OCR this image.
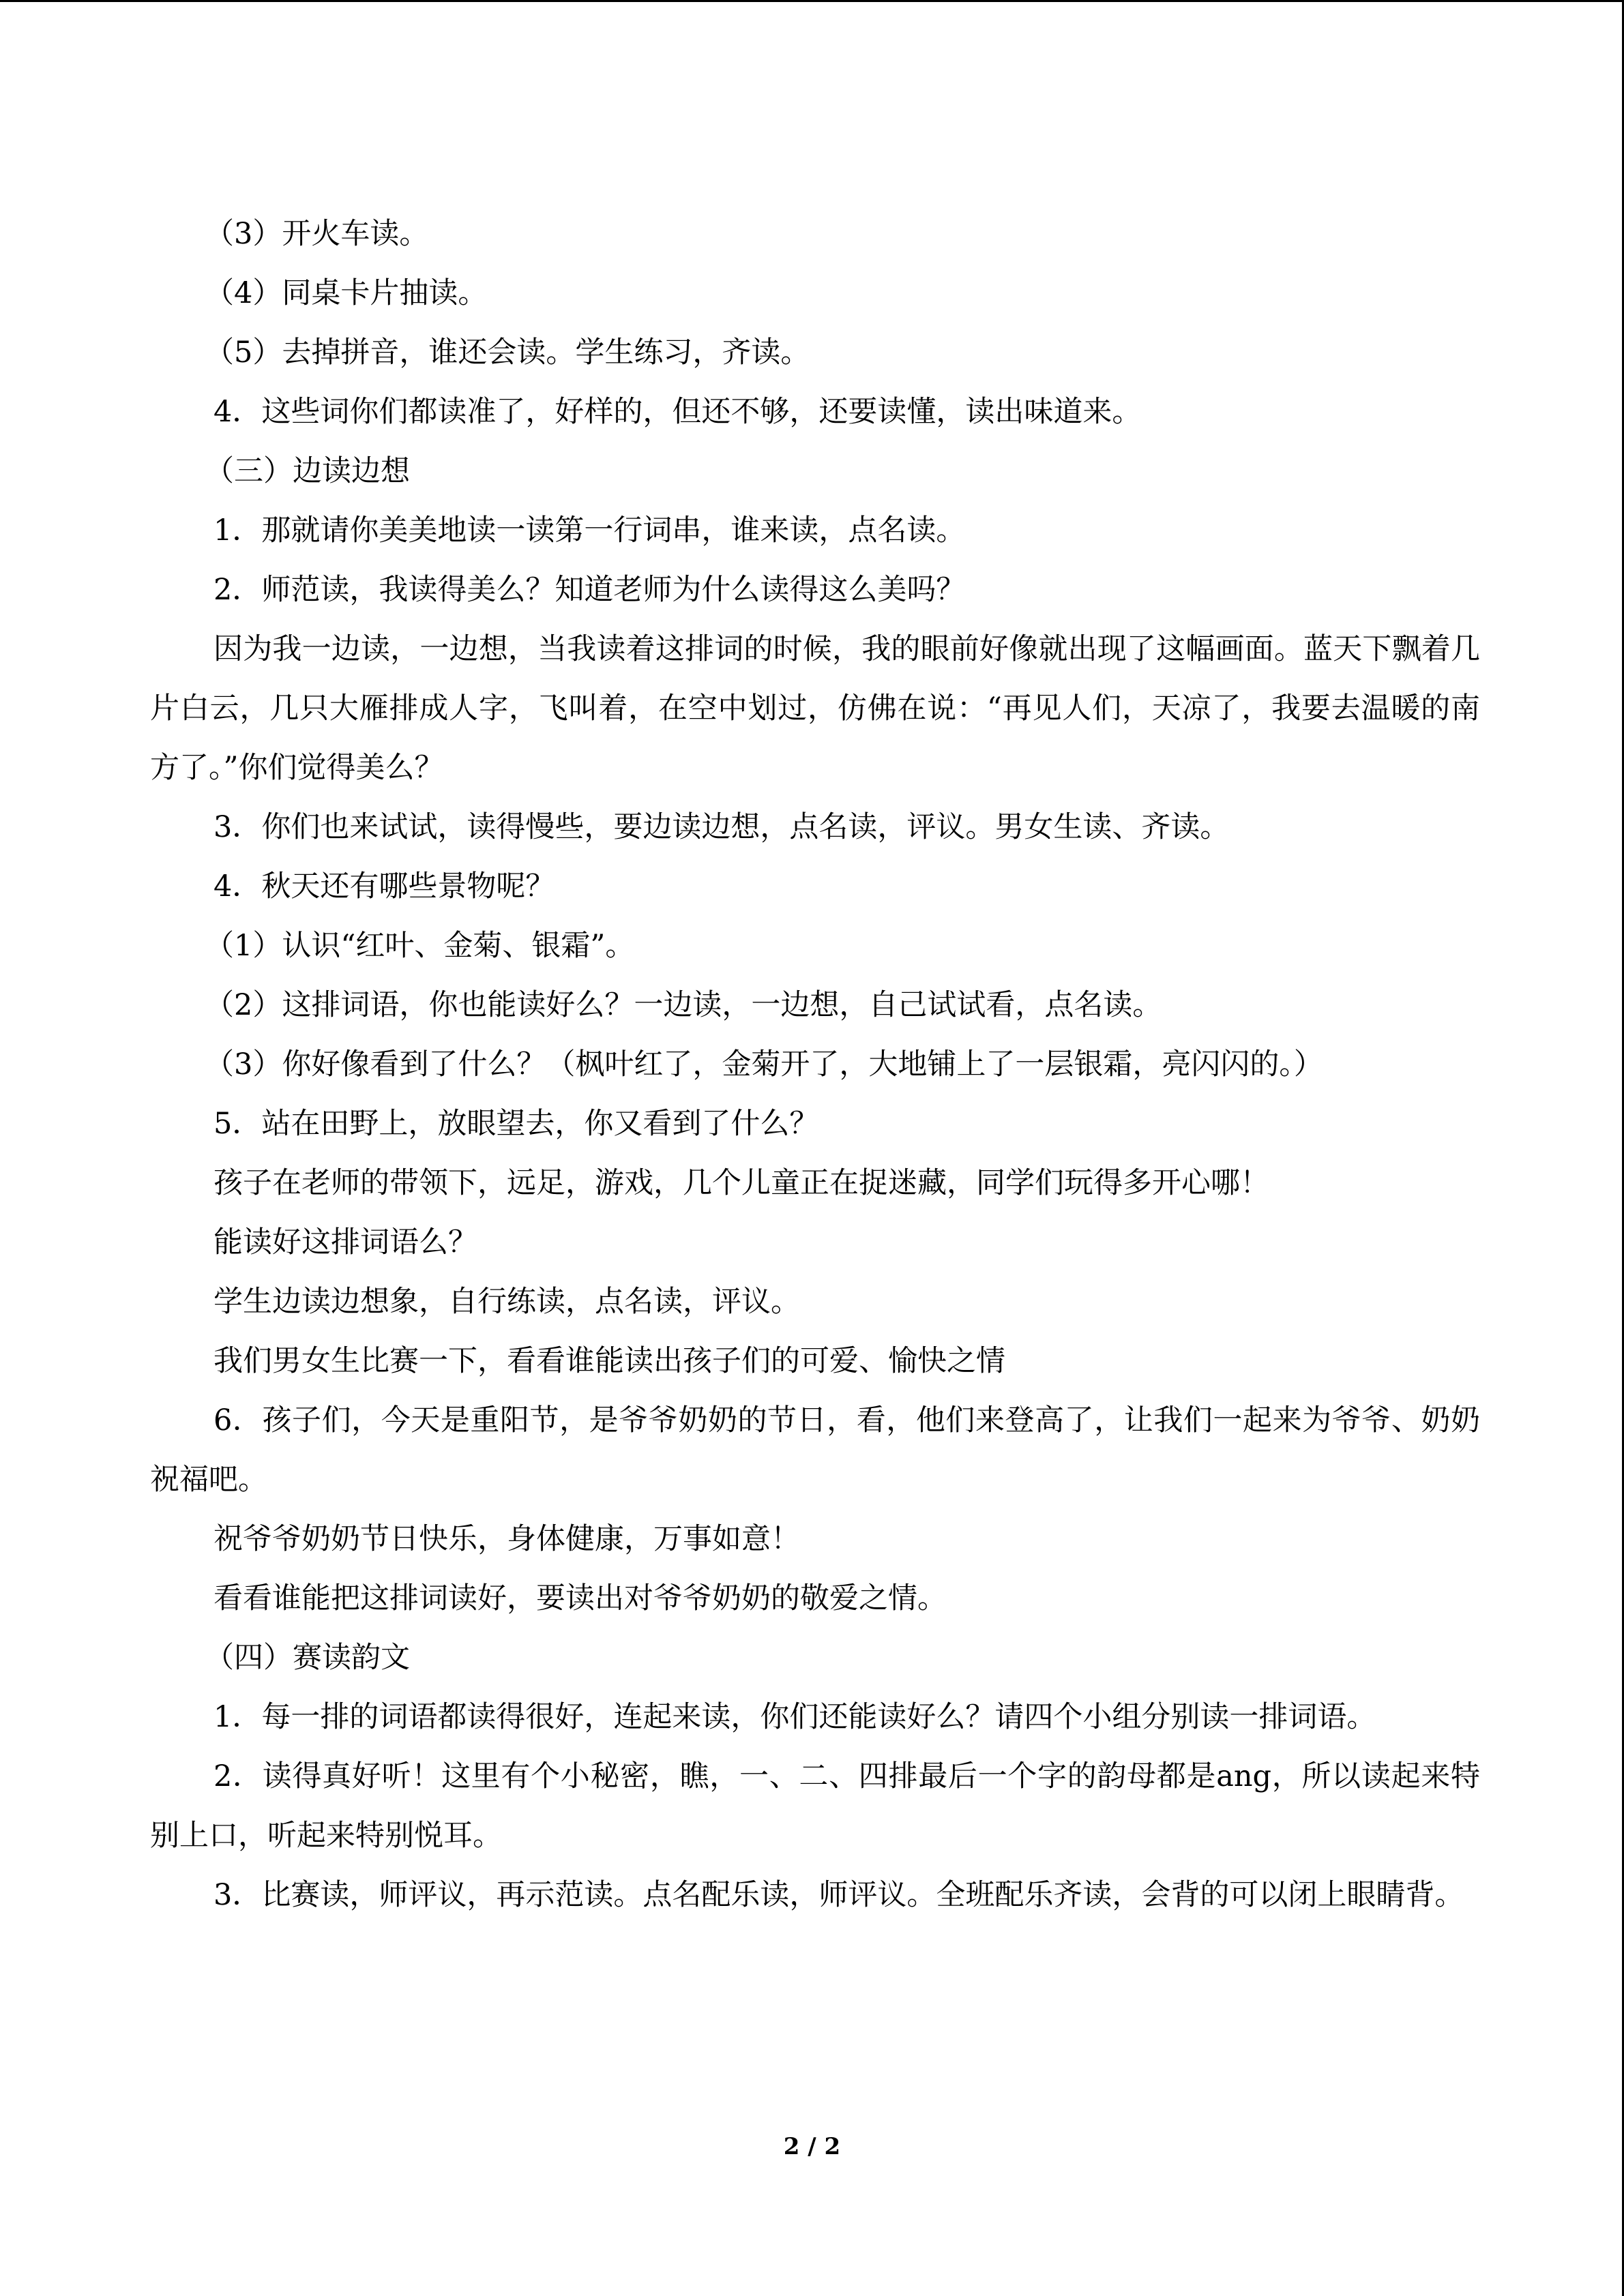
（3）开火车读。

（4）同桌卡片抽读。

（5）去掉拼音，谁还会读。学生练习，齐读。

4．这些词你们都读准了，好样的，但还不够，还要读懂，读出味道来。

（三）边读边想

1．那就请你美美地读一读第一行词串，谁来读，点名读。

2．师范读，我读得美么？知道老师为什么读得这么美吗？

因为我一边读，一边想，当我读着这排词的时候，我的眼前好像就出现了这幅画面。蓝天下飘着几片白云，几只大雁排成人字，飞叫着，在空中划过，仿佛在说：“再见人们，天凉了，我要去温暖的南方了。”你们觉得美么？

3．你们也来试试，读得慢些，要边读边想，点名读，评议。男女生读、齐读。

4．秋天还有哪些景物呢？

（1）认识“红叶、金菊、银霜”。

（2）这排词语，你也能读好么？一边读，一边想，自己试试看，点名读。

（3）你好像看到了什么？（枫叶红了，金菊开了，大地铺上了一层银霜，亮闪闪的。）

5．站在田野上，放眼望去，你又看到了什么？

孩子在老师的带领下，远足，游戏，几个儿童正在捉迷藏，同学们玩得多开心哪！

能读好这排词语么？

学生边读边想象，自行练读，点名读，评议。

我们男女生比赛一下，看看谁能读出孩子们的可爱、愉快之情

6．孩子们，今天是重阳节，是爷爷奶奶的节日，看，他们来登高了，让我们一起来为爷爷、奶奶祝福吧。

祝爷爷奶奶节日快乐，身体健康，万事如意！

看看谁能把这排词读好，要读出对爷爷奶奶的敬爱之情。

（四）赛读韵文

1．每一排的词语都读得很好，连起来读，你们还能读好么？请四个小组分别读一排词语。

2．读得真好听！这里有个小秘密，瞧，一、二、四排最后一个字的韵母都是ang，所以读起来特别上口，听起来特别悦耳。

3．比赛读，师评议，再示范读。点名配乐读，师评议。全班配乐齐读，会背的可以闭上眼睛背。

2 / 2
